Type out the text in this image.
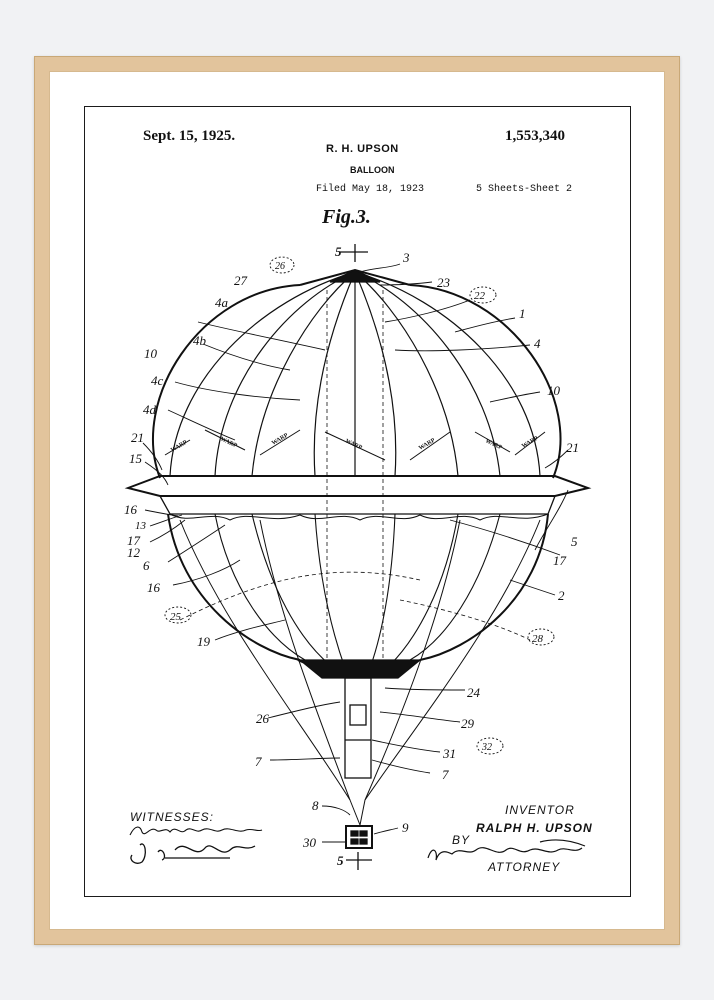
Sept. 15, 1925.	1,553,340
R. H. UPSON
BALLOON
Filed May 18, 1923	5 Sheets-Sheet 2
Fig.3.
5
5
WARP	WARP	WARP	WARP	WARP	WARP
WARP
3
23
22
27
26
1
4
4a
4b
4c
4d
10
10
21
21
15
16
13
17
12
6
16
25
19
5
17
2
28
24
26	29
31	32
7
7
8
9
30
WITNESSES:	INVENTOR
RALPH H. UPSON
BY
ATTORNEY
